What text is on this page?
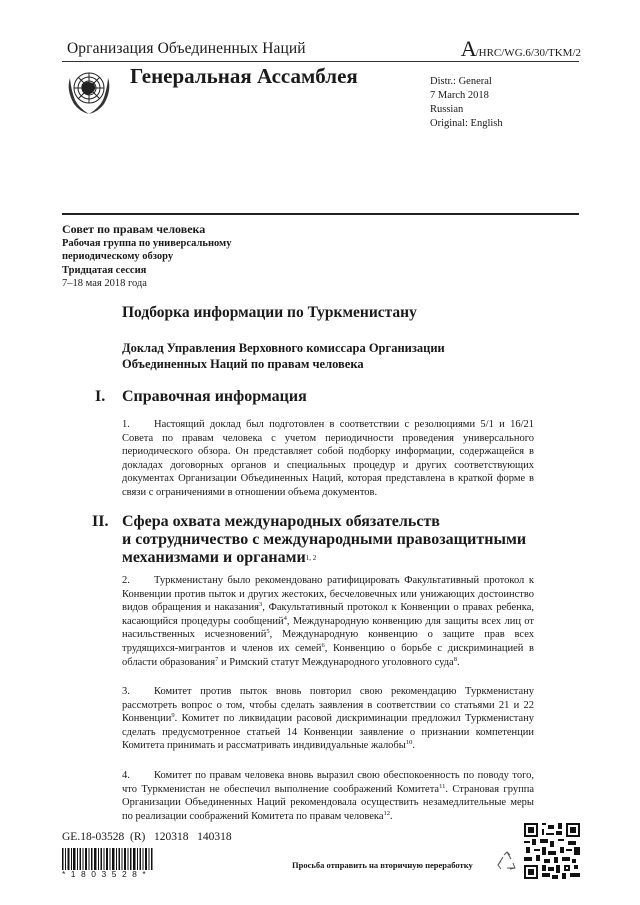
Организация Объединенных Наций	A/HRC/WG.6/30/TKM/2
Генеральная Ассамблея	Distr.: General
7 March 2018
Russian
Original: English
Совет по правам человека
Рабочая группа по универсальному
периодическому обзору
Тридцатая сессия
7–18 мая 2018 года
Подборка информации по Туркменистану
Доклад Управления Верховного комиссара Организации
Объединенных Наций по правам человека
I. Справочная информация
1. Настоящий доклад был подготовлен в соответствии с резолюциями 5/1 и 16/21 Совета по правам человека с учетом периодичности проведения универсального периодического обзора. Он представляет собой подборку информации, содержащейся в докладах договорных органов и специальных процедур и других соответствующих документах Организации Объединенных Наций, которая представлена в краткой форме в связи с ограничениями в отношении объема документов.
II. Сфера охвата международных обязательств
и сотрудничество с международными правозащитными
механизмами и органами$^{1, 2}$
2. Туркменистану было рекомендовано ратифицировать Факультативный протокол к Конвенции против пыток и других жестоких, бесчеловечных или унижающих достоинство видов обращения и наказания$^3$, Факультативный протокол к Конвенции о правах ребенка, касающийся процедуры сообщений$^4$, Международную конвенцию для защиты всех лиц от насильственных исчезновений$^5$, Международную конвенцию о защите прав всех трудящихся-мигрантов и членов их семей$^6$, Конвенцию о борьбе с дискриминацией в области образования$^7$ и Римский статут Международного уголовного суда$^8$.
3. Комитет против пыток вновь повторил свою рекомендацию Туркменистану рассмотреть вопрос о том, чтобы сделать заявления в соответствии со статьями 21 и 22 Конвенции$^9$. Комитет по ликвидации расовой дискриминации предложил Туркменистану сделать предусмотренное статьей 14 Конвенции заявление о признании компетенции Комитета принимать и рассматривать индивидуальные жалобы$^{10}$.
4. Комитет по правам человека вновь выразил свою обеспокоенность по поводу того, что Туркменистан не обеспечил выполнение соображений Комитета$^{11}$. Страновая группа Организации Объединенных Наций рекомендовала осуществить незамедлительные меры по реализации соображений Комитета по правам человека$^{12}$.
GE.18-03528  (R)   120318   140318
*1803528*
Просьба отправить на вторичную переработку
